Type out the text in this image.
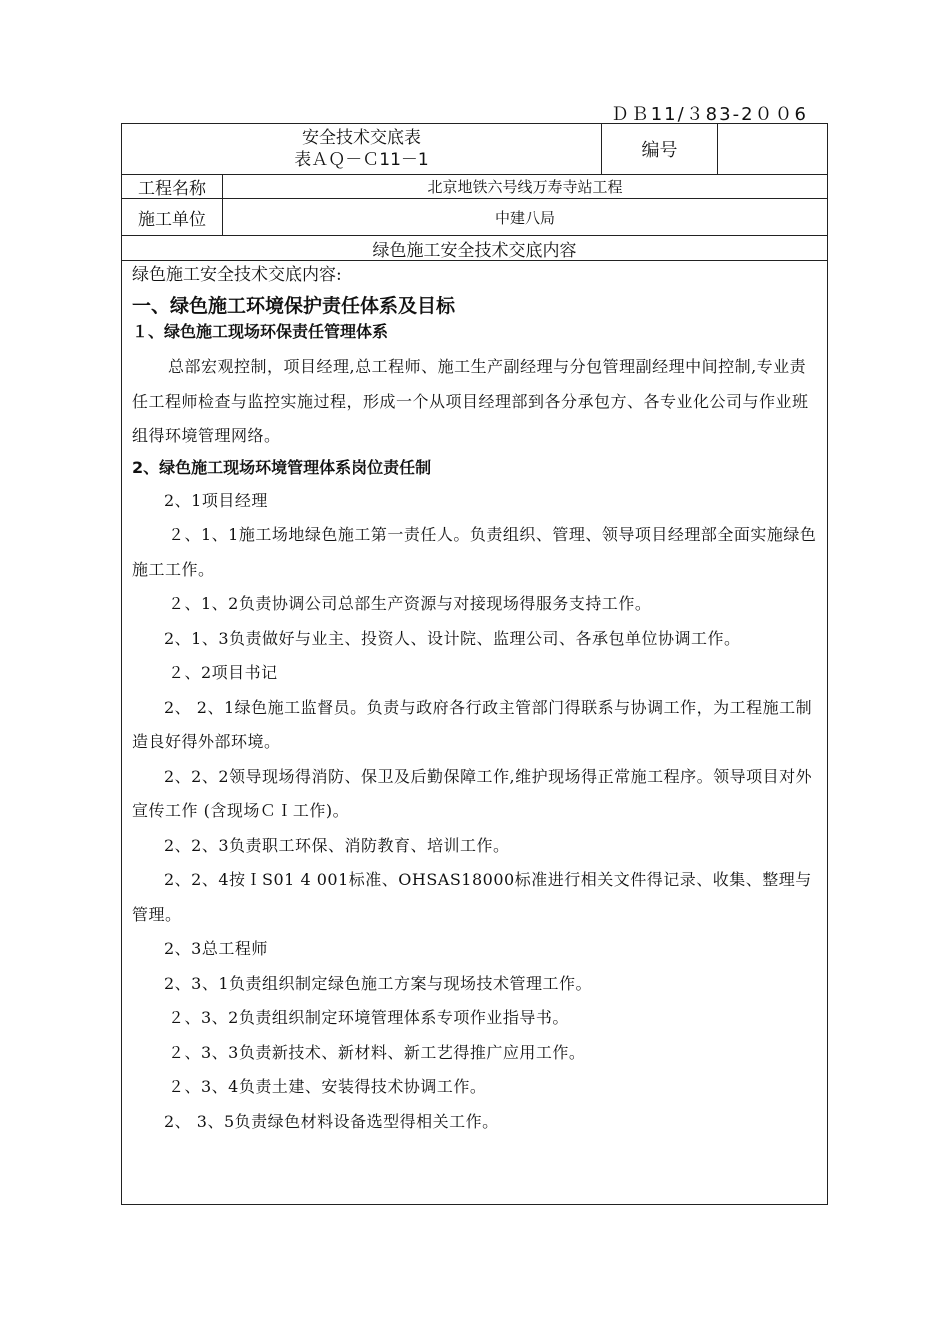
ＤＢ11/３83-2００6
安全技术交底表
表ＡＱ－Ｃ11－1	编号
工程名称	北京地铁六号线万寿寺站工程
施工单位	中建八局
绿色施工安全技术交底内容
绿色施工安全技术交底内容:
一、绿色施工环境保护责任体系及目标
１、绿色施工现场环保责任管理体系
总部宏观控制，项目经理,总工程师、施工生产副经理与分包管理副经理中间控制,专业责任工程师检查与监控实施过程，形成一个从项目经理部到各分承包方、各专业化公司与作业班组得环境管理网络。
2、绿色施工现场环境管理体系岗位责任制
2、1项目经理
２、1、1施工场地绿色施工第一责任人。负责组织、管理、领导项目经理部全面实施绿色施工工作。
２、1、2负责协调公司总部生产资源与对接现场得服务支持工作。
2、1、3负责做好与业主、投资人、设计院、监理公司、各承包单位协调工作。
２、2项目书记
2、 2、1绿色施工监督员。负责与政府各行政主管部门得联系与协调工作，为工程施工制造良好得外部环境。
2、2、2领导现场得消防、保卫及后勤保障工作,维护现场得正常施工程序。领导项目对外宣传工作 (含现场ＣＩ工作)。
2、2、3负责职工环保、消防教育、培训工作。
2、2、4按ＩS01 4 001标准、OHSAS18000标准进行相关文件得记录、收集、整理与管理。
2、3总工程师
2、3、1负责组织制定绿色施工方案与现场技术管理工作。
２、3、2负责组织制定环境管理体系专项作业指导书。
２、3、3负责新技术、新材料、新工艺得推广应用工作。
２、3、4负责土建、安装得技术协调工作。
2、 3、5负责绿色材料设备选型得相关工作。
